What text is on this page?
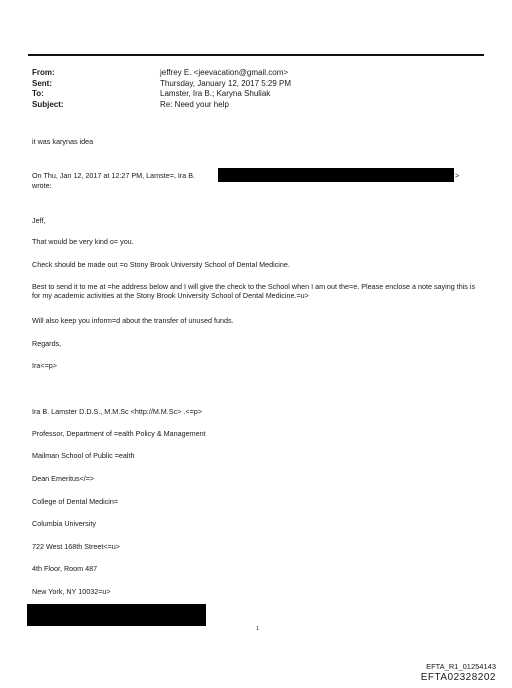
From:
Sent:
To:
Subject:
jeffrey E. <jeevacation@gmail.com>
Thursday, January 12, 2017 5:29 PM
Lamster, Ira B.; Karyna Shuliak
Re: Need your help
it was karynas idea
On Thu, Jan 12, 2017 at 12:27 PM, Lamste=, Ira B.	>
wrote:
Jeff,
That would be very kind o= you.
Check should be made out =o Stony Brook University School of Dental Medicine.
Best to send it to me at =he address below and I will give the check to the School when I am out the=e. Please enclose a note saying this is for my academic activities at the Stony Brook University School of Dental Medicine.=u>
Will also keep you inform=d about the transfer of unused funds.
Regards,
Ira<=p>
Ira B. Lamster D.D.S., M.M.Sc <http://M.M.Sc> .<=p>
Professor, Department of =ealth Policy & Management
Mailman School of Public =ealth
Dean Emeritus</=>
College of Dental Medicin=
Columbia University
722 West 168th Street<=u>
4th Floor, Room 487
New York, NY 10032=u>
1
EFTA_R1_01254143
EFTA02328202
